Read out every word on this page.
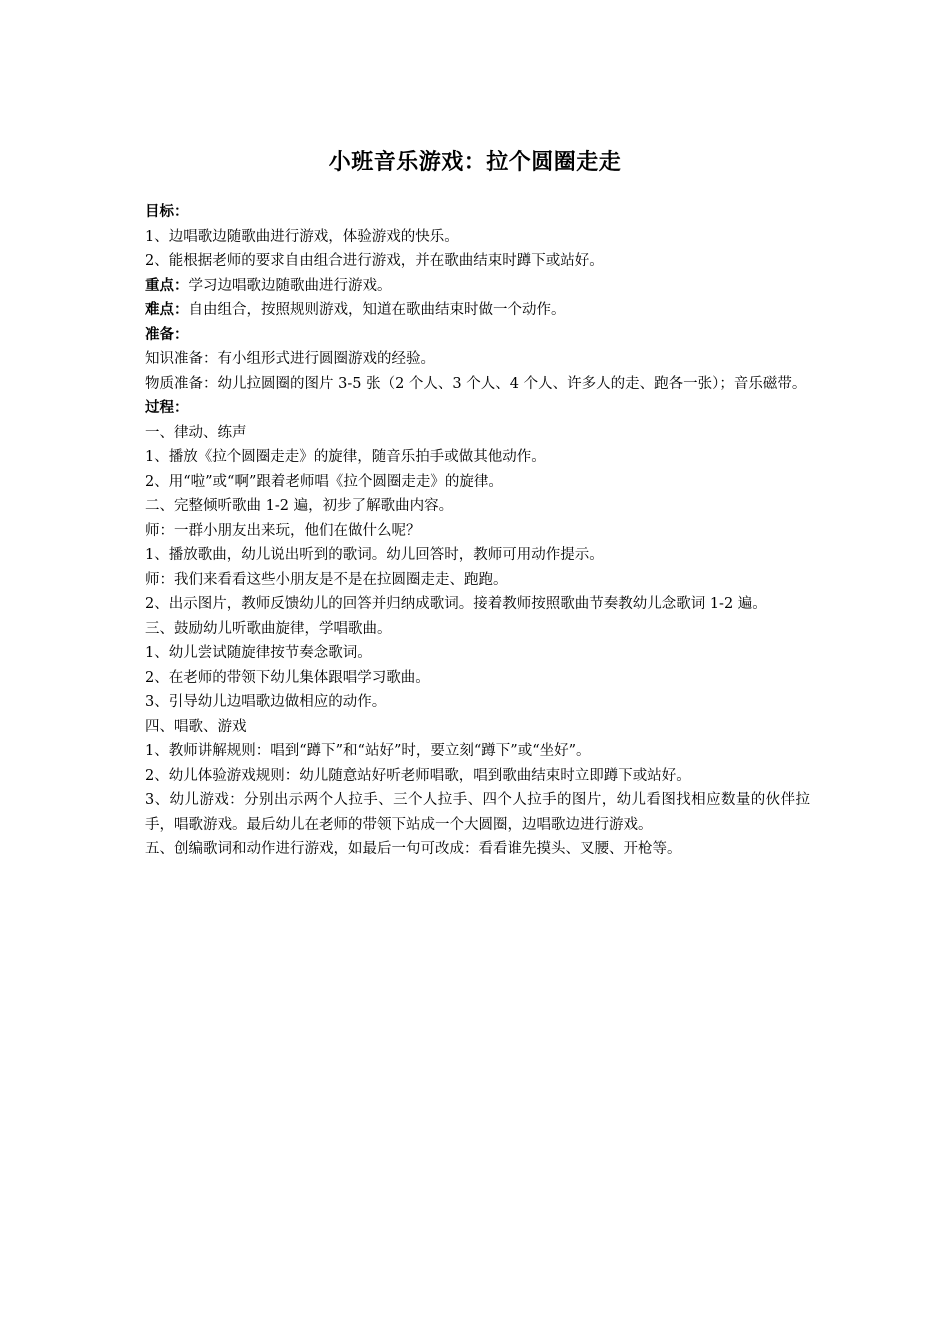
小班音乐游戏：拉个圆圈走走

目标：

1、边唱歌边随歌曲进行游戏，体验游戏的快乐。

2、能根据老师的要求自由组合进行游戏，并在歌曲结束时蹲下或站好。

重点：学习边唱歌边随歌曲进行游戏。

难点：自由组合，按照规则游戏，知道在歌曲结束时做一个动作。

准备：

知识准备：有小组形式进行圆圈游戏的经验。

物质准备：幼儿拉圆圈的图片 3-5 张（2 个人、3 个人、4 个人、许多人的走、跑各一张）；音乐磁带。

过程：

一、律动、练声

1、播放《拉个圆圈走走》的旋律，随音乐拍手或做其他动作。

2、用“啦”或“啊”跟着老师唱《拉个圆圈走走》的旋律。

二、完整倾听歌曲 1-2 遍，初步了解歌曲内容。

师：一群小朋友出来玩，他们在做什么呢？

1、播放歌曲，幼儿说出听到的歌词。幼儿回答时，教师可用动作提示。

师：我们来看看这些小朋友是不是在拉圆圈走走、跑跑。

2、出示图片，教师反馈幼儿的回答并归纳成歌词。接着教师按照歌曲节奏教幼儿念歌词 1-2 遍。

三、鼓励幼儿听歌曲旋律，学唱歌曲。

1、幼儿尝试随旋律按节奏念歌词。

2、在老师的带领下幼儿集体跟唱学习歌曲。

3、引导幼儿边唱歌边做相应的动作。

四、唱歌、游戏

1、教师讲解规则：唱到“蹲下”和“站好”时，要立刻“蹲下”或“坐好”。

2、幼儿体验游戏规则：幼儿随意站好听老师唱歌，唱到歌曲结束时立即蹲下或站好。

3、幼儿游戏：分别出示两个人拉手、三个人拉手、四个人拉手的图片，幼儿看图找相应数量的伙伴拉手，唱歌游戏。最后幼儿在老师的带领下站成一个大圆圈，边唱歌边进行游戏。

五、创编歌词和动作进行游戏，如最后一句可改成：看看谁先摸头、叉腰、开枪等。
